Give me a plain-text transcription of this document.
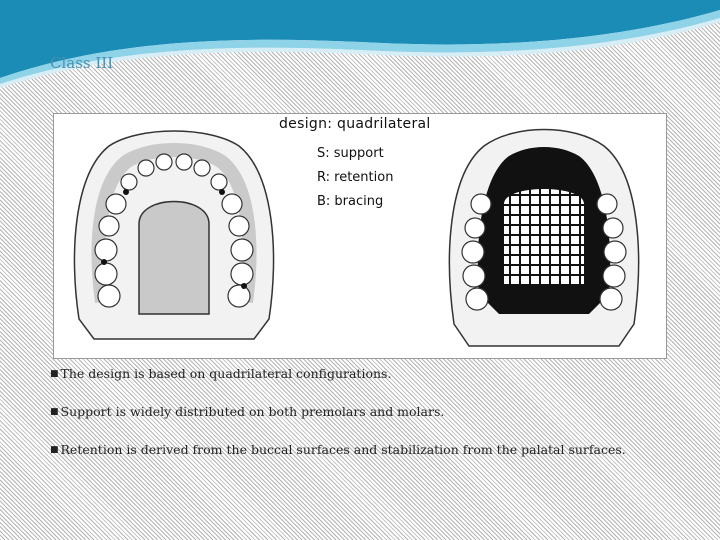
Class III
design: quadrilateral
S: support
R: retention
B: bracing
■ The design is based on quadrilateral configurations.
■ Support is widely distributed on both premolars and molars.
■ Retention is derived from the buccal surfaces and stabilization from the palatal surfaces.
